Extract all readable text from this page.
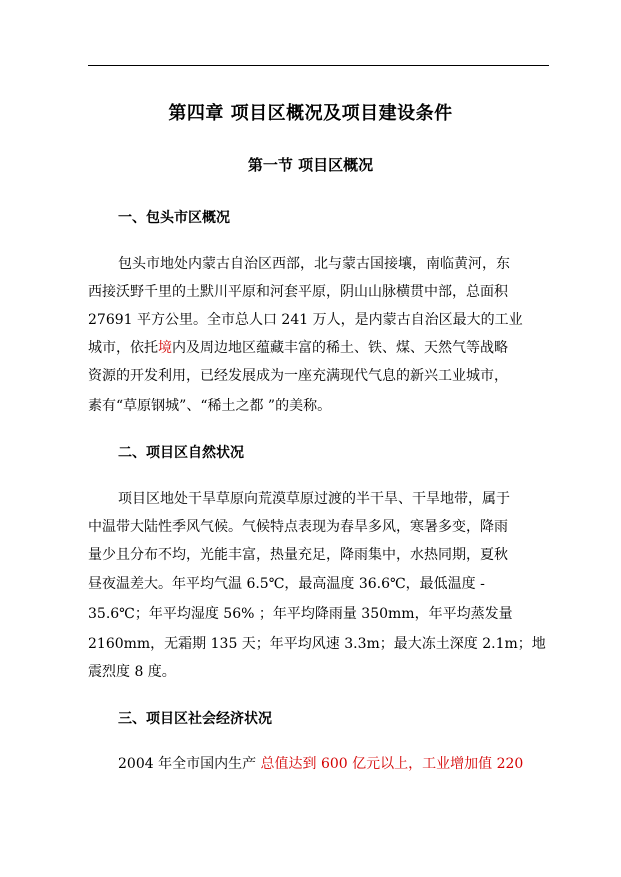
第四章 项目区概况及项目建设条件
第一节 项目区概况
一、包头市区概况
包头市地处内蒙古自治区西部，北与蒙古国接壤，南临黄河，东
西接沃野千里的土默川平原和河套平原，阴山山脉横贯中部，总面积
27691 平方公里。全市总人口 241 万人，是内蒙古自治区最大的工业
城市，依托境内及周边地区蕴藏丰富的稀土、铁、煤、天然气等战略
资源的开发利用，已经发展成为一座充满现代气息的新兴工业城市，
素有“草原钢城”、“稀土之都 ”的美称。
二、项目区自然状况
项目区地处干旱草原向荒漠草原过渡的半干旱、干旱地带，属于
中温带大陆性季风气候。气候特点表现为春旱多风，寒暑多变，降雨
量少且分布不均，光能丰富，热量充足，降雨集中，水热同期，夏秋
昼夜温差大。年平均气温 6.5℃，最高温度 36.6℃，最低温度 -
35.6℃；年平均湿度 56% ；年平均降雨量 350mm，年平均蒸发量
2160mm，无霜期 135 天；年平均风速 3.3m；最大冻土深度 2.1m；地
震烈度 8 度。
三、项目区社会经济状况
2004 年全市国内生产 总值达到 600 亿元以上，工业增加值 220
